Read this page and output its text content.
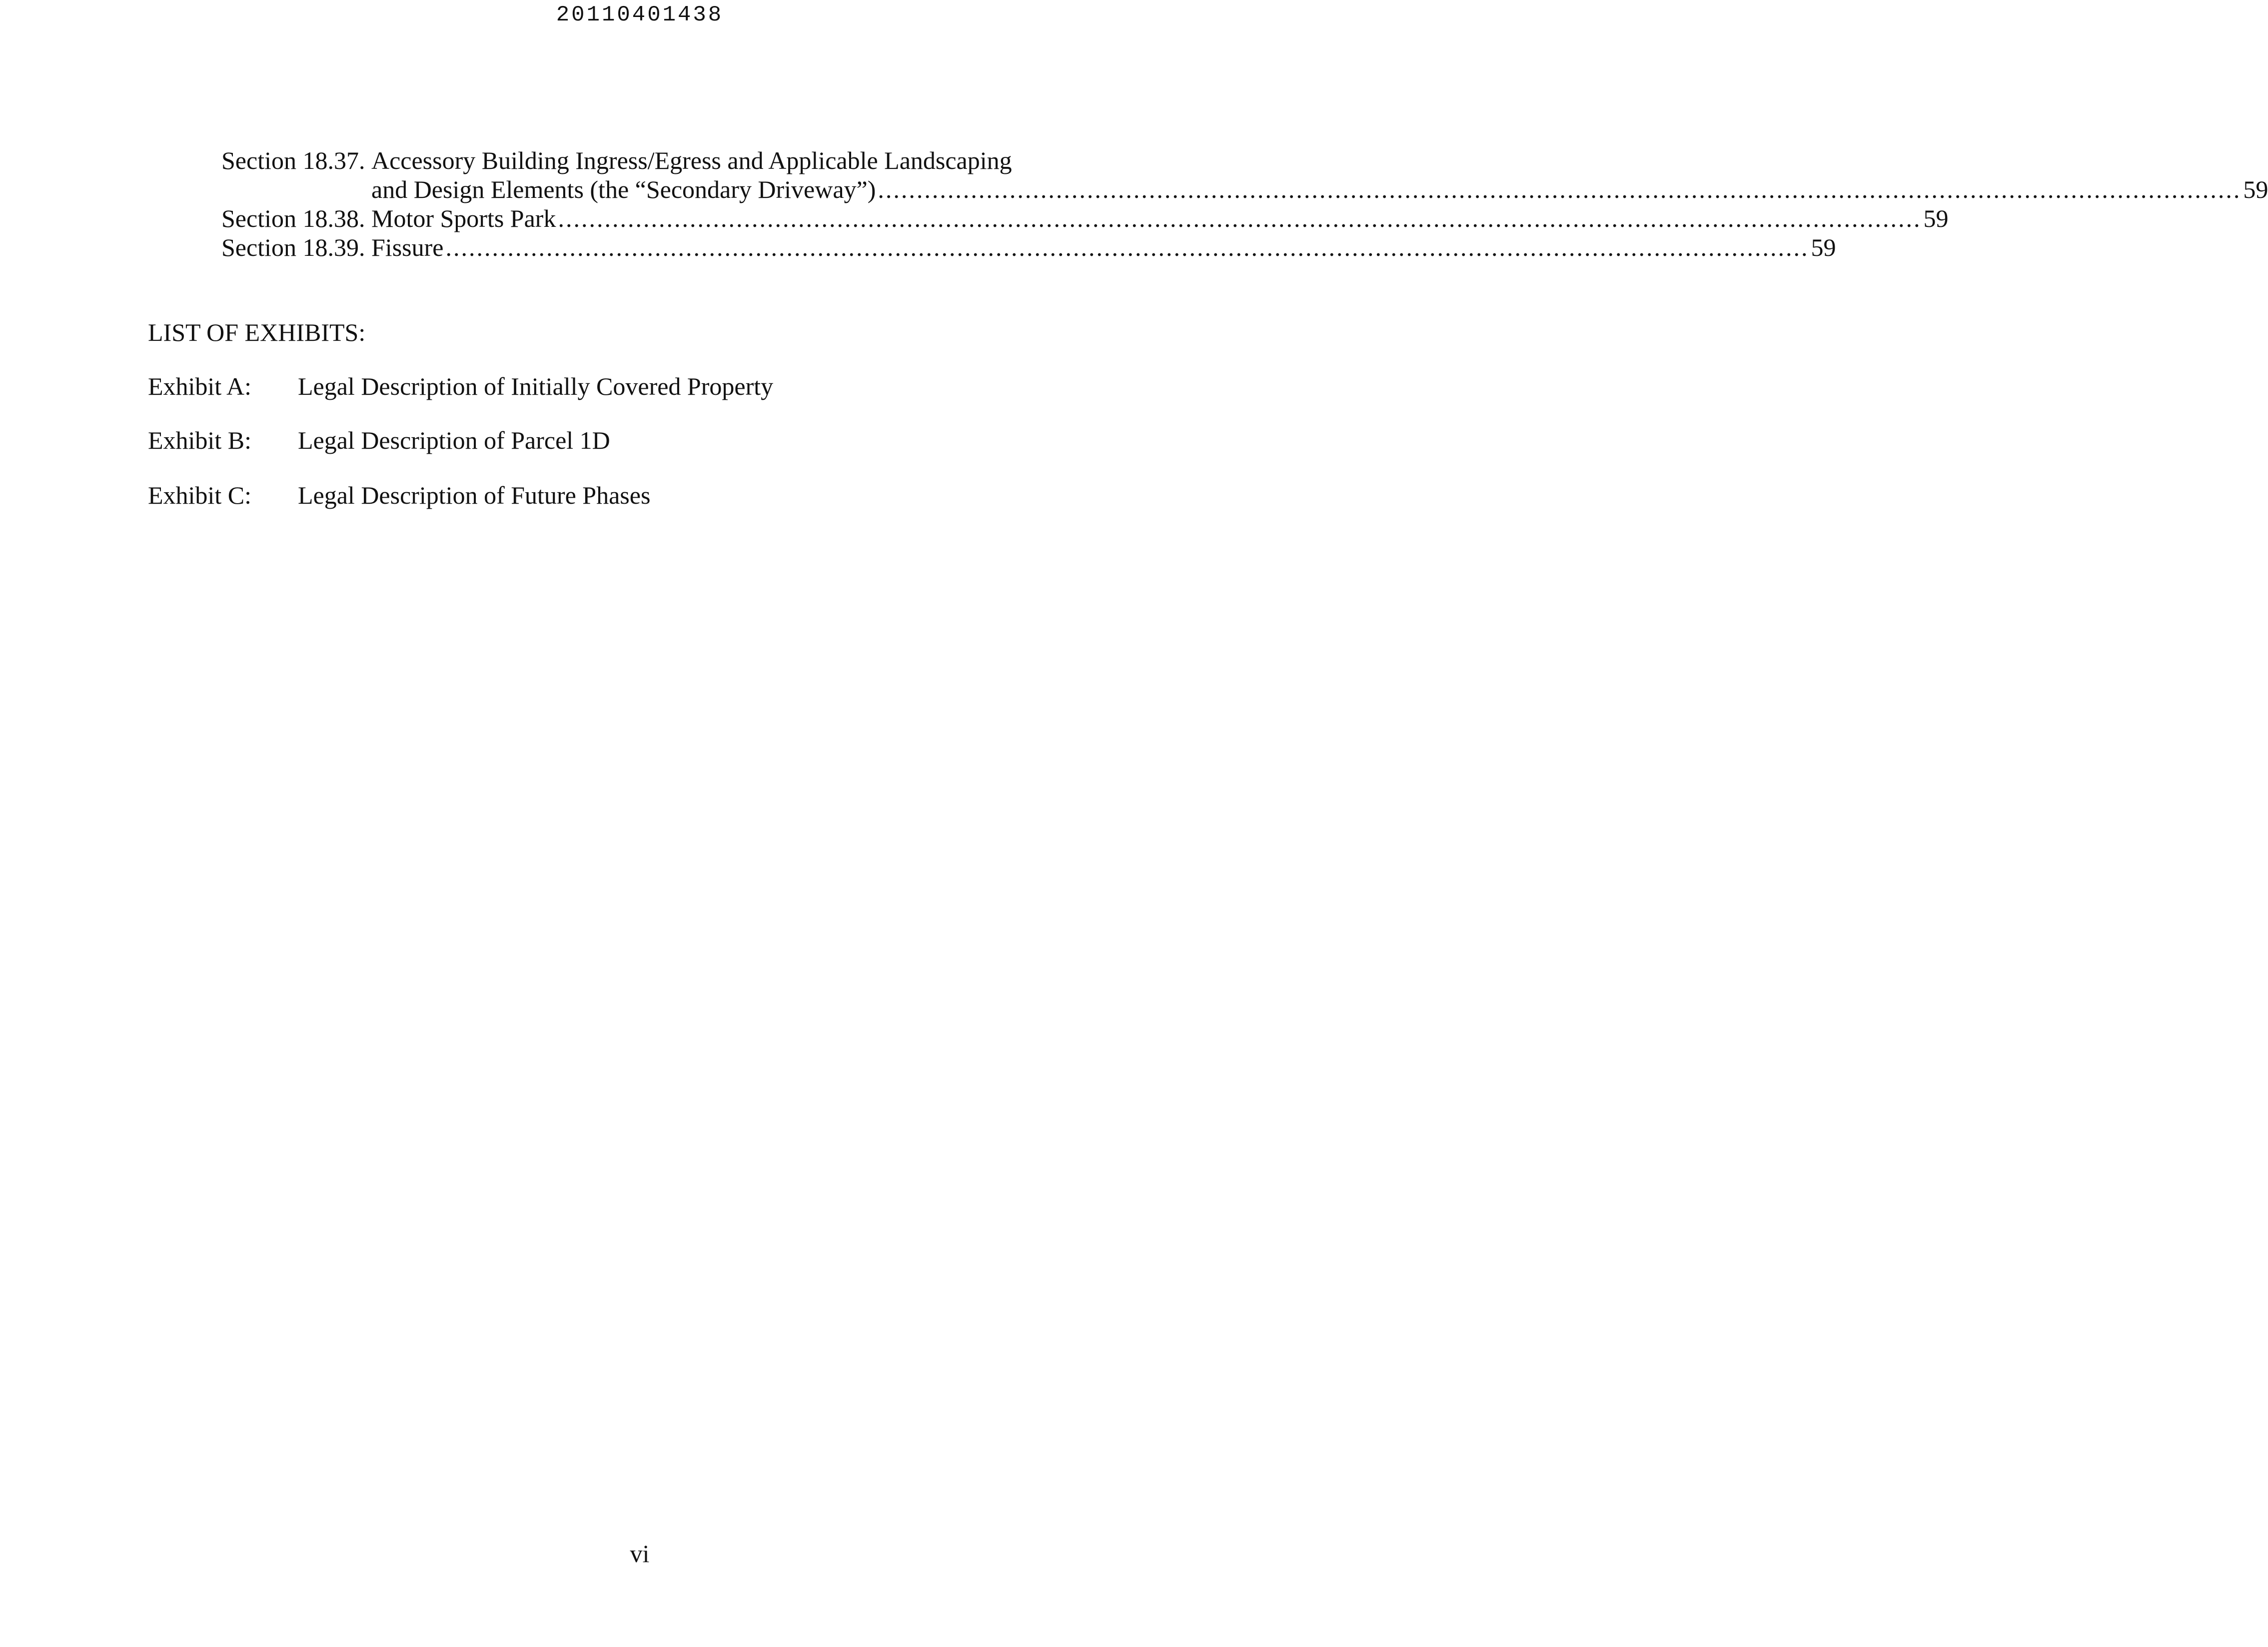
20110401438
Section 18.37. Accessory Building Ingress/Egress and Applicable Landscaping
and Design Elements (the “Secondary Driveway”) ................................................................................................................................................................................ 59
Section 18.38. Motor Sports Park ................................................................................................................................................................................ 59
Section 18.39. Fissure ................................................................................................................................................................................ 59
LIST OF EXHIBITS:
Exhibit A: Legal Description of Initially Covered Property
Exhibit B: Legal Description of Parcel 1D
Exhibit C: Legal Description of Future Phases
vi
